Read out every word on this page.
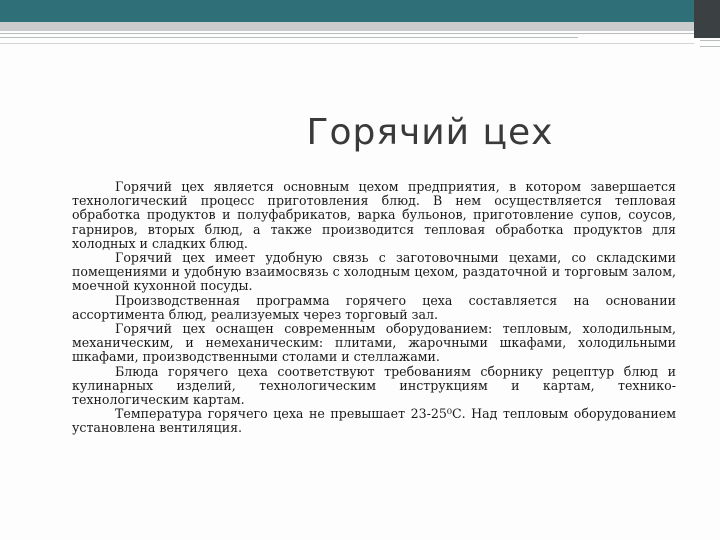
Горячий цех

Горячий цех является основным цехом предприятия, в котором завершается технологический процесс приготовления блюд. В нем осуществляется тепловая обработка продуктов и полуфабрикатов, варка бульонов, приготовление супов, соусов, гарниров, вторых блюд, а также производится тепловая обработка продуктов для холодных и сладких блюд.

Горячий цех имеет удобную связь с заготовочными цехами, со складскими помещениями и удобную взаимосвязь с холодным цехом, раздаточной и торговым залом, моечной кухонной посуды.

Производственная программа горячего цеха составляется на основании ассортимента блюд, реализуемых через торговый зал.

Горячий цех оснащен современным оборудованием: тепловым, холодильным, механическим, и немеханическим: плитами, жарочными шкафами, холодильными шкафами, производственными столами и стеллажами.

Блюда горячего цеха соответствуют требованиям сборнику рецептур блюд и кулинарных изделий, технологическим инструкциям и картам, технико-технологическим картам.

Температура горячего цеха не превышает 23-25⁰С. Над тепловым оборудованием установлена вентиляция.
